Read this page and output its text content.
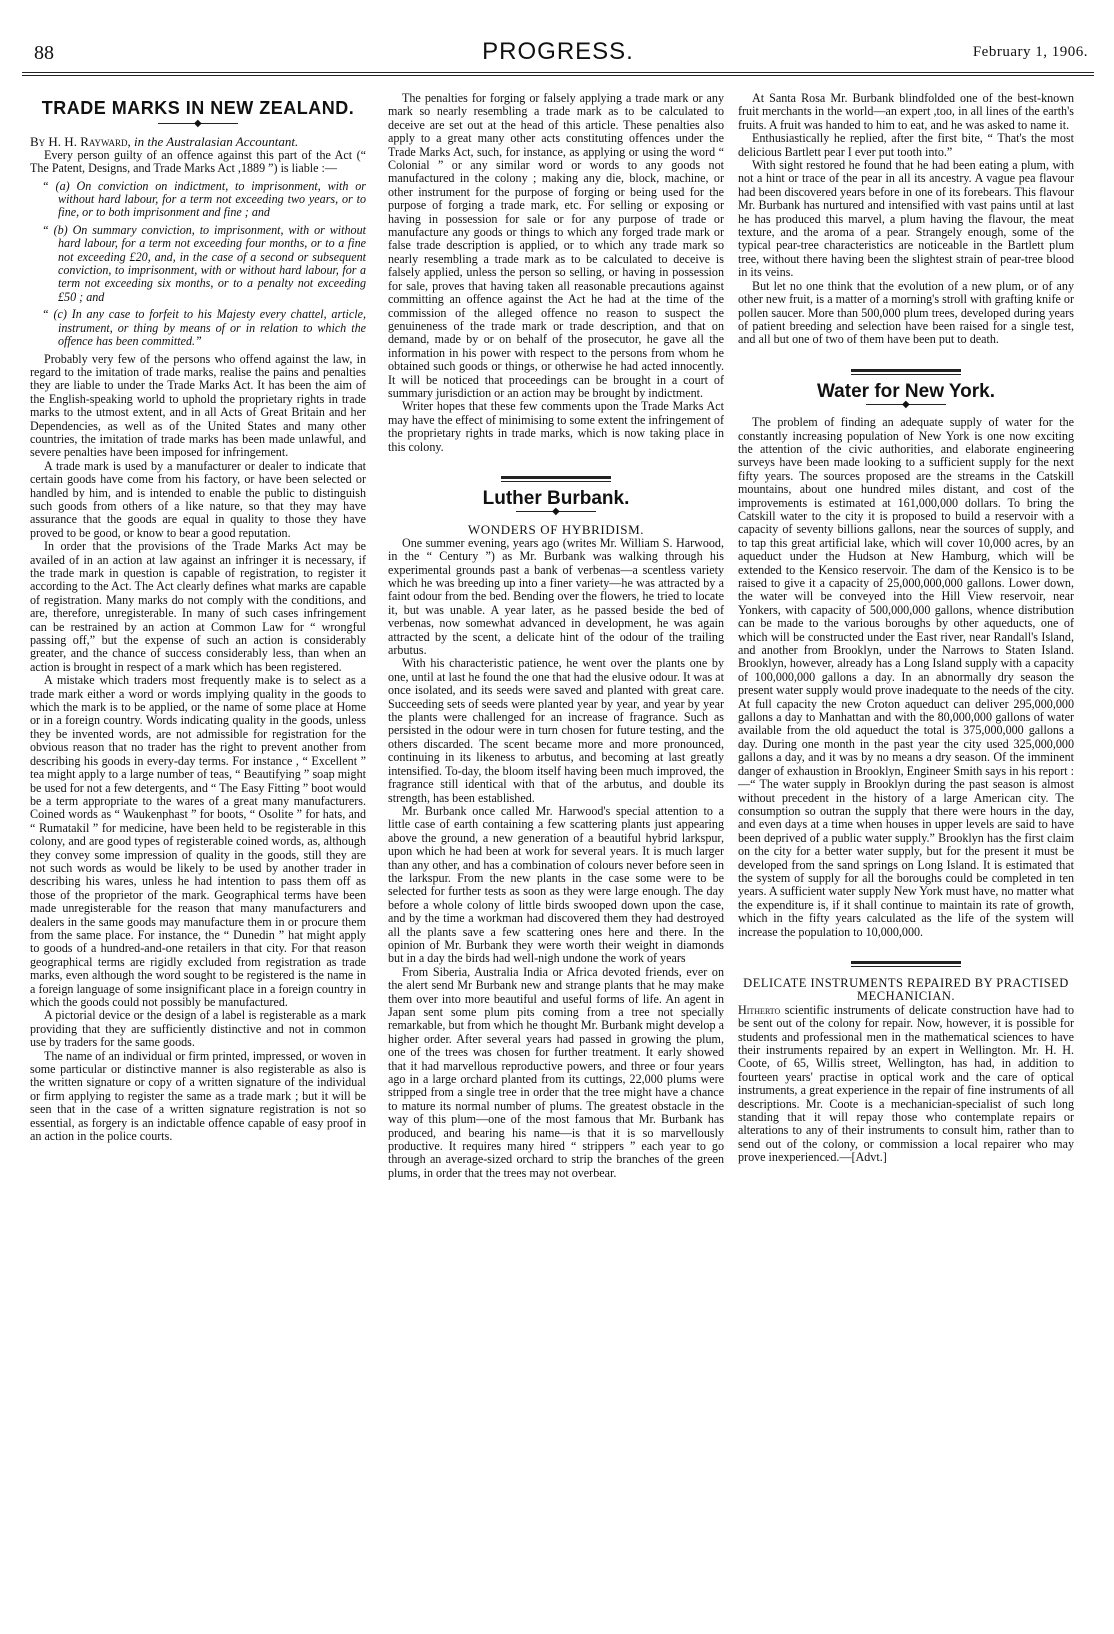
88	PROGRESS.	February 1, 1906.
TRADE MARKS IN NEW ZEALAND.
◆

By H. H. Rayward, in the Australasian Accountant.

Every person guilty of an offence against this part of the Act (“ The Patent, Designs, and Trade Marks Act ,1889 ”) is liable :—

“ (a) On conviction on indictment, to imprisonment, with or without hard labour, for a term not exceeding two years, or to fine, or to both imprisonment and fine ; and

“ (b) On summary conviction, to imprisonment, with or without hard labour, for a term not exceeding four months, or to a fine not exceeding £20, and, in the case of a second or subsequent conviction, to imprisonment, with or without hard labour, for a term not exceeding six months, or to a penalty not exceeding £50 ; and

“ (c) In any case to forfeit to his Majesty every chattel, article, instrument, or thing by means of or in relation to which the offence has been committed.”

Probably very few of the persons who offend against the law, in regard to the imitation of trade marks, realise the pains and penalties they are liable to under the Trade Marks Act. It has been the aim of the English-speaking world to uphold the proprietary rights in trade marks to the utmost extent, and in all Acts of Great Britain and her Dependencies, as well as of the United States and many other countries, the imitation of trade marks has been made unlawful, and severe penalties have been imposed for infringement.

A trade mark is used by a manufacturer or dealer to indicate that certain goods have come from his factory, or have been selected or handled by him, and is intended to enable the public to distinguish such goods from others of a like nature, so that they may have assurance that the goods are equal in quality to those they have proved to be good, or know to bear a good reputation.

In order that the provisions of the Trade Marks Act may be availed of in an action at law against an infringer it is necessary, if the trade mark in question is capable of registration, to register it according to the Act. The Act clearly defines what marks are capable of registration. Many marks do not comply with the conditions, and are, therefore, unregisterable. In many of such cases infringement can be restrained by an action at Common Law for “ wrongful passing off,” but the expense of such an action is considerably greater, and the chance of success considerably less, than when an action is brought in respect of a mark which has been registered.

A mistake which traders most frequently make is to select as a trade mark either a word or words implying quality in the goods to which the mark is to be applied, or the name of some place at Home or in a foreign country. Words indicating quality in the goods, unless they be invented words, are not admissible for registration for the obvious reason that no trader has the right to prevent another from describing his goods in every-day terms. For instance , “ Excellent ” tea might apply to a large number of teas, “ Beautifying ” soap might be used for not a few detergents, and “ The Easy Fitting ” boot would be a term appropriate to the wares of a great many manufacturers. Coined words as “ Waukenphast ” for boots, “ Osolite ” for hats, and “ Rumatakil ” for medicine, have been held to be registerable in this colony, and are good types of registerable coined words, as, although they convey some impression of quality in the goods, still they are not such words as would be likely to be used by another trader in describing his wares, unless he had intention to pass them off as those of the proprietor of the mark. Geographical terms have been made unregisterable for the reason that many manufacturers and dealers in the same goods may manufacture them in or procure them from the same place. For instance, the “ Dunedin ” hat might apply to goods of a hundred-and-one retailers in that city. For that reason geographical terms are rigidly excluded from registration as trade marks, even although the word sought to be registered is the name in a foreign language of some insignificant place in a foreign country in which the goods could not possibly be manufactured.

A pictorial device or the design of a label is registerable as a mark providing that they are sufficiently distinctive and not in common use by traders for the same goods.

The name of an individual or firm printed, impressed, or woven in some particular or distinctive manner is also registerable as also is the written signature or copy of a written signature of the individual or firm applying to register the same as a trade mark ; but it will be seen that in the case of a written signature registration is not so essential, as forgery is an indictable offence capable of easy proof in an action in the police courts.

The penalties for forging or falsely applying a trade mark or any mark so nearly resembling a trade mark as to be calculated to deceive are set out at the head of this article. These penalties also apply to a great many other acts constituting offences under the Trade Marks Act, such, for instance, as applying or using the word “ Colonial ” or any similar word or words to any goods not manufactured in the colony ; making any die, block, machine, or other instrument for the purpose of forging or being used for the purpose of forging a trade mark, etc. For selling or exposing or having in possession for sale or for any purpose of trade or manufacture any goods or things to which any forged trade mark or false trade description is applied, or to which any trade mark so nearly resembling a trade mark as to be calculated to deceive is falsely applied, unless the person so selling, or having in possession for sale, proves that having taken all reasonable precautions against committing an offence against the Act he had at the time of the commission of the alleged offence no reason to suspect the genuineness of the trade mark or trade description, and that on demand, made by or on behalf of the prosecutor, he gave all the information in his power with respect to the persons from whom he obtained such goods or things, or otherwise he had acted innocently. It will be noticed that proceedings can be brought in a court of summary jurisdiction or an action may be brought by indictment.

Writer hopes that these few comments upon the Trade Marks Act may have the effect of minimising to some extent the infringement of the proprietary rights in trade marks, which is now taking place in this colony.

Luther Burbank.
◆

WONDERS OF HYBRIDISM.

One summer evening, years ago (writes Mr. William S. Harwood, in the “ Century ”) as Mr. Burbank was walking through his experimental grounds past a bank of verbenas—a scentless variety which he was breeding up into a finer variety—he was attracted by a faint odour from the bed. Bending over the flowers, he tried to locate it, but was unable. A year later, as he passed beside the bed of verbenas, now somewhat advanced in development, he was again attracted by the scent, a delicate hint of the odour of the trailing arbutus.

With his characteristic patience, he went over the plants one by one, until at last he found the one that had the elusive odour. It was at once isolated, and its seeds were saved and planted with great care. Succeeding sets of seeds were planted year by year, and year by year the plants were challenged for an increase of fragrance. Such as persisted in the odour were in turn chosen for future testing, and the others discarded. The scent became more and more pronounced, continuing in its likeness to arbutus, and becoming at last greatly intensified. To-day, the bloom itself having been much improved, the fragrance still identical with that of the arbutus, and double its strength, has been established.

Mr. Burbank once called Mr. Harwood's special attention to a little case of earth containing a few scattering plants just appearing above the ground, a new generation of a beautiful hybrid larkspur, upon which he had been at work for several years. It is much larger than any other, and has a combination of colours never before seen in the larkspur. From the new plants in the case some were to be selected for further tests as soon as they were large enough. The day before a whole colony of little birds swooped down upon the case, and by the time a workman had discovered them they had destroyed all the plants save a few scattering ones here and there. In the opinion of Mr. Burbank they were worth their weight in diamonds but in a day the birds had well-nigh undone the work of years

From Siberia, Australia India or Africa devoted friends, ever on the alert send Mr Burbank new and strange plants that he may make them over into more beautiful and useful forms of life. An agent in Japan sent some plum pits coming from a tree not specially remarkable, but from which he thought Mr. Burbank might develop a higher order. After several years had passed in growing the plum, one of the trees was chosen for further treatment. It early showed that it had marvellous reproductive powers, and three or four years ago in a large orchard planted from its cuttings, 22,000 plums were stripped from a single tree in order that the tree might have a chance to mature its normal number of plums. The greatest obstacle in the way of this plum—one of the most famous that Mr. Burbank has produced, and bearing his name—is that it is so marvellously productive. It requires many hired “ strippers ” each year to go through an average-sized orchard to strip the branches of the green plums, in order that the trees may not overbear.

At Santa Rosa Mr. Burbank blindfolded one of the best-known fruit merchants in the world—an expert ,too, in all lines of the earth's fruits. A fruit was handed to him to eat, and he was asked to name it.

Enthusiastically he replied, after the first bite, “ That's the most delicious Bartlett pear I ever put tooth into.”

With sight restored he found that he had been eating a plum, with not a hint or trace of the pear in all its ancestry. A vague pea flavour had been discovered years before in one of its forebears. This flavour Mr. Burbank has nurtured and intensified with vast pains until at last he has produced this marvel, a plum having the flavour, the meat texture, and the aroma of a pear. Strangely enough, some of the typical pear-tree characteristics are noticeable in the Bartlett plum tree, without there having been the slightest strain of pear-tree blood in its veins.

But let no one think that the evolution of a new plum, or of any other new fruit, is a matter of a morning's stroll with grafting knife or pollen saucer. More than 500,000 plum trees, developed during years of patient breeding and selection have been raised for a single test, and all but one of two of them have been put to death.

Water for New York.
◆

The problem of finding an adequate supply of water for the constantly increasing population of New York is one now exciting the attention of the civic authorities, and elaborate engineering surveys have been made looking to a sufficient supply for the next fifty years. The sources proposed are the streams in the Catskill mountains, about one hundred miles distant, and cost of the improvements is estimated at 161,000,000 dollars. To bring the Catskill water to the city it is proposed to build a reservoir with a capacity of seventy billions gallons, near the sources of supply, and to tap this great artificial lake, which will cover 10,000 acres, by an aqueduct under the Hudson at New Hamburg, which will be extended to the Kensico reservoir. The dam of the Kensico is to be raised to give it a capacity of 25,000,000,000 gallons. Lower down, the water will be conveyed into the Hill View reservoir, near Yonkers, with capacity of 500,000,000 gallons, whence distribution can be made to the various boroughs by other aqueducts, one of which will be constructed under the East river, near Randall's Island, and another from Brooklyn, under the Narrows to Staten Island. Brooklyn, however, already has a Long Island supply with a capacity of 100,000,000 gallons a day. In an abnormally dry season the present water supply would prove inadequate to the needs of the city. At full capacity the new Croton aqueduct can deliver 295,000,000 gallons a day to Manhattan and with the 80,000,000 gallons of water available from the old aqueduct the total is 375,000,000 gallons a day. During one month in the past year the city used 325,000,000 gallons a day, and it was by no means a dry season. Of the imminent danger of exhaustion in Brooklyn, Engineer Smith says in his report :—“ The water supply in Brooklyn during the past season is almost without precedent in the history of a large American city. The consumption so outran the supply that there were hours in the day, and even days at a time when houses in upper levels are said to have been deprived of a public water supply.” Brooklyn has the first claim on the city for a better water supply, but for the present it must be developed from the sand springs on Long Island. It is estimated that the system of supply for all the boroughs could be completed in ten years. A sufficient water supply New York must have, no matter what the expenditure is, if it shall continue to maintain its rate of growth, which in the fifty years calculated as the life of the system will increase the population to 10,000,000.

DELICATE INSTRUMENTS REPAIRED BY PRACTISED MECHANICIAN.

Hitherto scientific instruments of delicate construction have had to be sent out of the colony for repair. Now, however, it is possible for students and professional men in the mathematical sciences to have their instruments repaired by an expert in Wellington. Mr. H. H. Coote, of 65, Willis street, Wellington, has had, in addition to fourteen years' practise in optical work and the care of optical instruments, a great experience in the repair of fine instruments of all descriptions. Mr. Coote is a mechanician-specialist of such long standing that it will repay those who contemplate repairs or alterations to any of their instruments to consult him, rather than to send out of the colony, or commission a local repairer who may prove inexperienced.—[Advt.]
